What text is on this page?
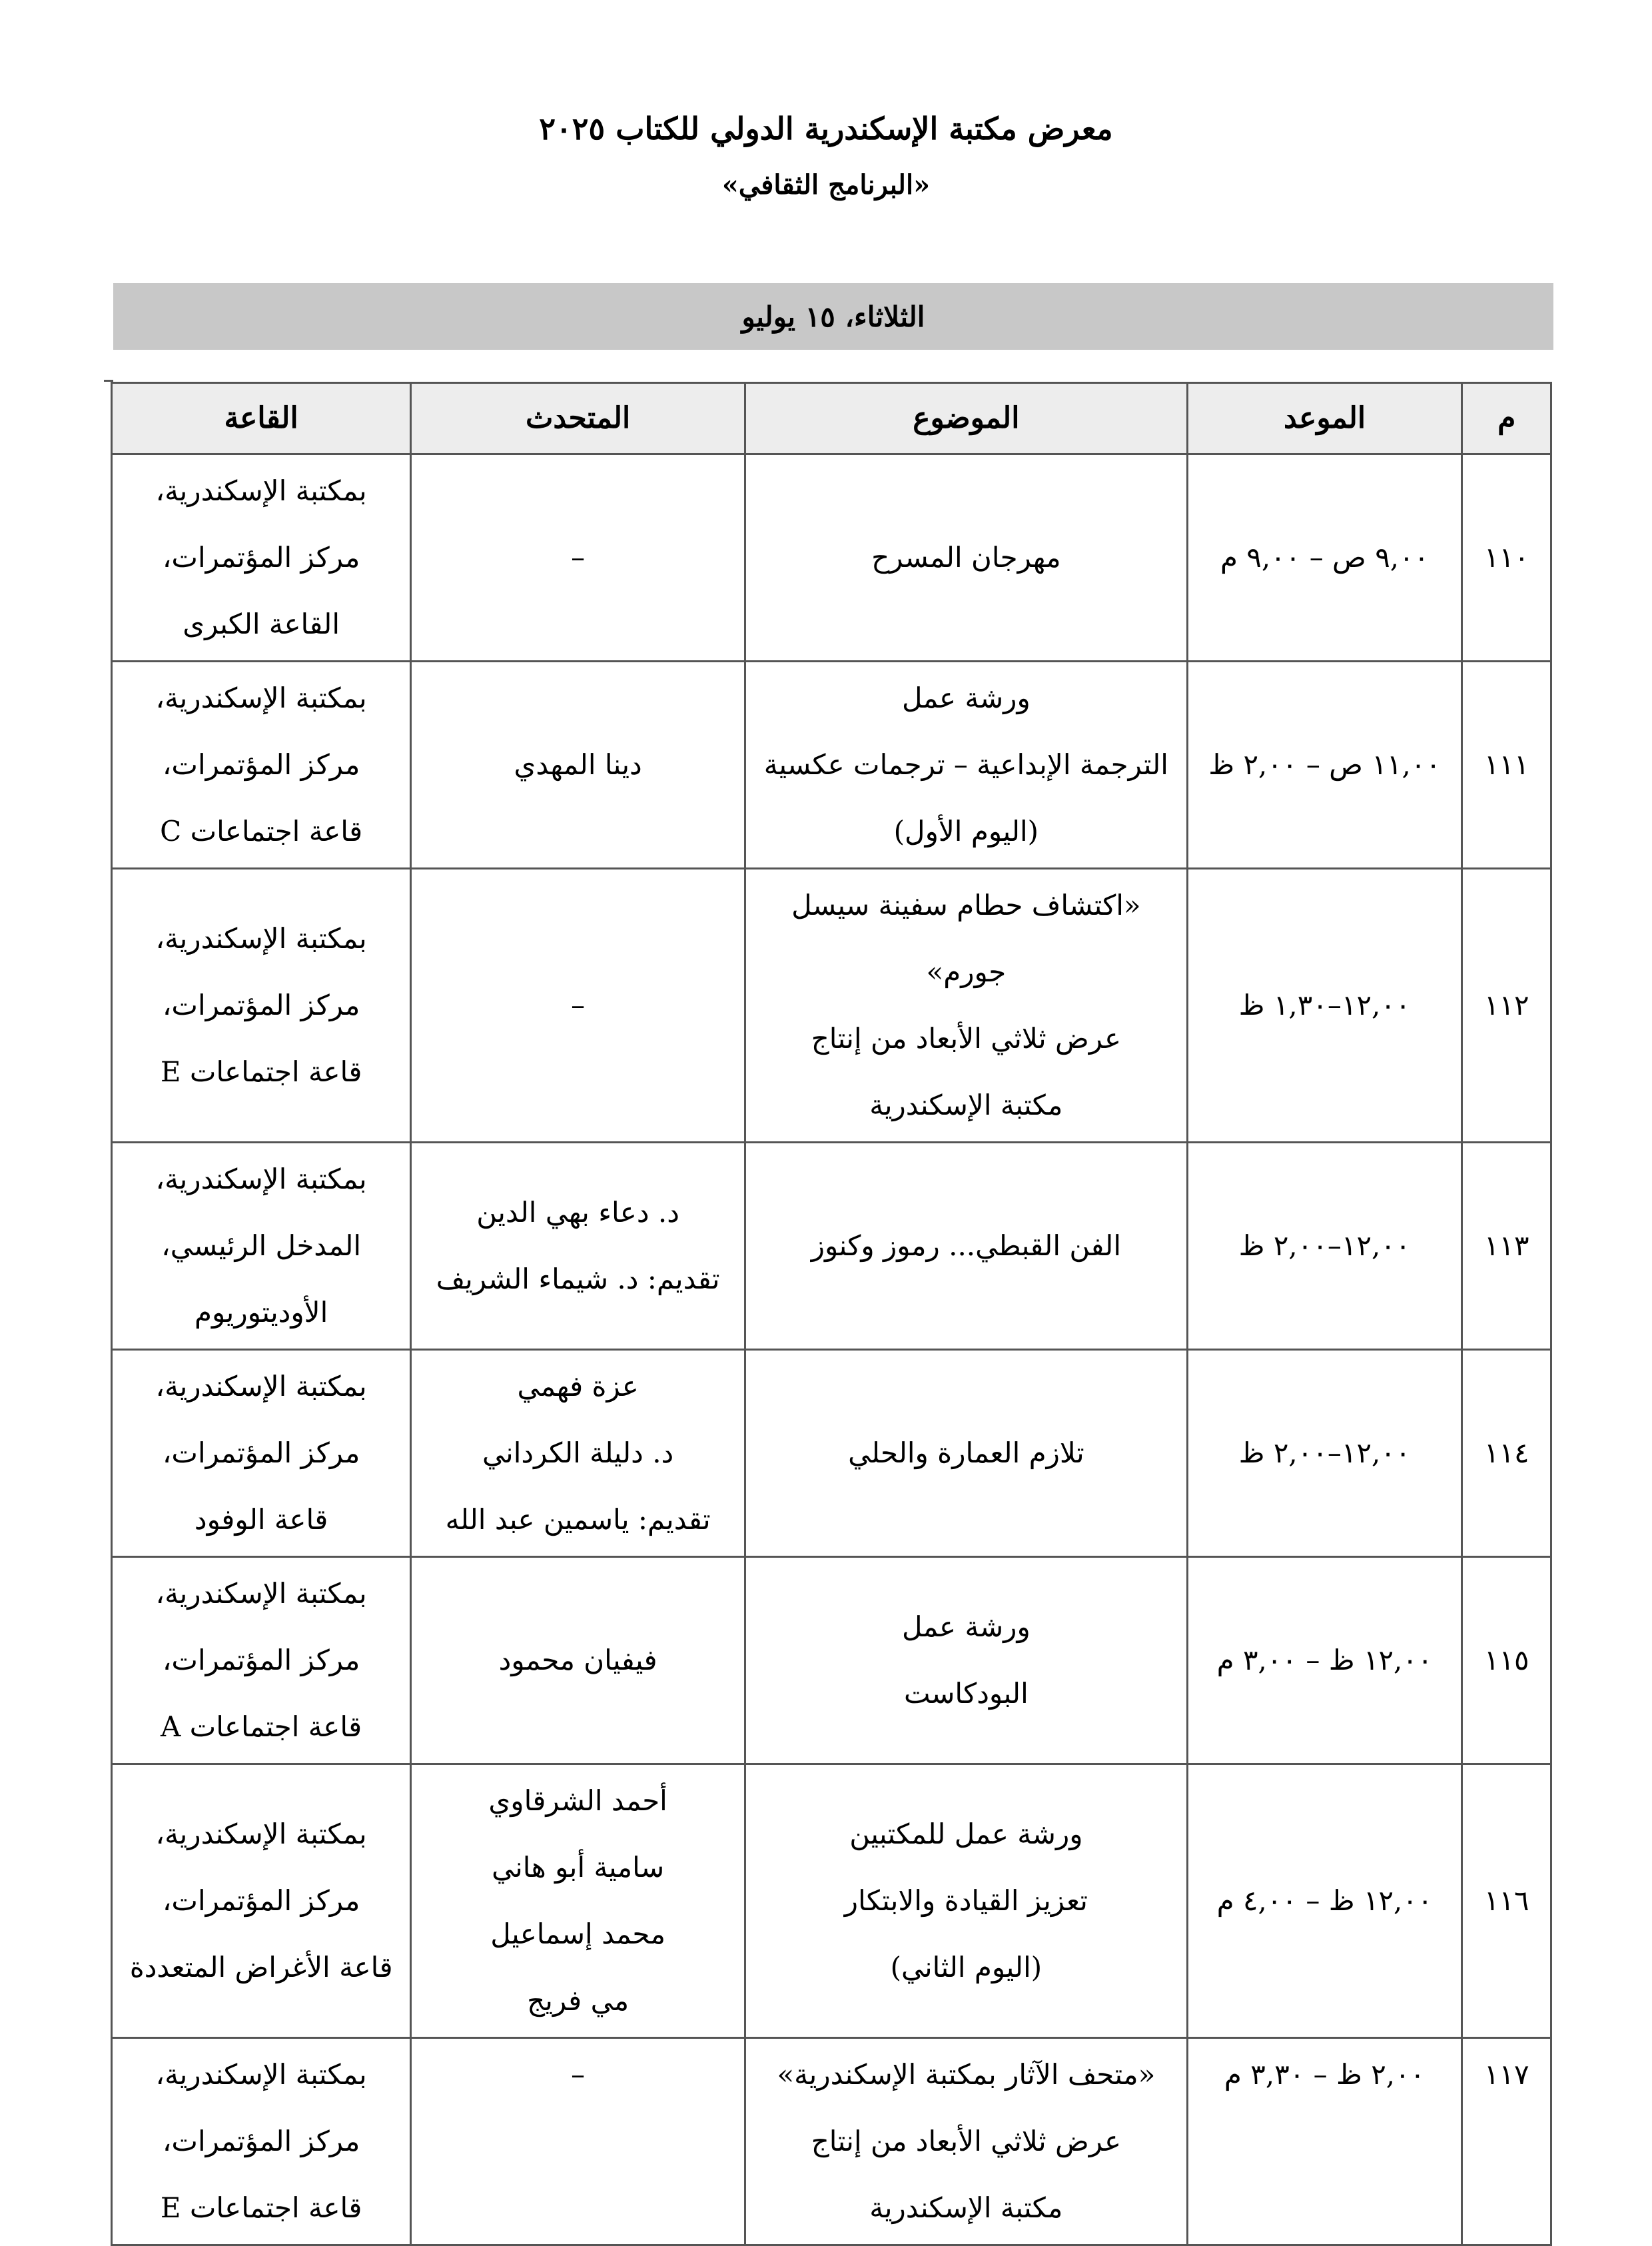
معرض مكتبة الإسكندرية الدولي للكتاب ٢٠٢٥

«البرنامج الثقافي»

الثلاثاء، ١٥ يوليو
م	الموعد	الموضوع	المتحدث	القاعة
١١٠	٩,٠٠ ص – ٩,٠٠ م	مهرجان المسرح	–	بمكتبة الإسكندرية،
مركز المؤتمرات،
القاعة الكبرى

١١١	١١,٠٠ ص – ٢,٠٠ ظ	ورشة عمل
الترجمة الإبداعية – ترجمات عكسية
(اليوم الأول)	دينا المهدي	بمكتبة الإسكندرية،
مركز المؤتمرات،
قاعة اجتماعات C

١١٢	١٢,٠٠–١,٣٠ ظ	«اكتشاف حطام سفينة سيسل جورم»
عرض ثلاثي الأبعاد من إنتاج
مكتبة الإسكندرية	–	بمكتبة الإسكندرية،
مركز المؤتمرات،
قاعة اجتماعات E

١١٣	١٢,٠٠–٢,٠٠ ظ	الفن القبطي... رموز وكنوز	د. دعاء بهي الدين
تقديم: د. شيماء الشريف	بمكتبة الإسكندرية،
المدخل الرئيسي،
الأوديتوريوم

١١٤	١٢,٠٠–٢,٠٠ ظ	تلازم العمارة والحلي	عزة فهمي
د. دليلة الكرداني
تقديم: ياسمين عبد الله	بمكتبة الإسكندرية،
مركز المؤتمرات،
قاعة الوفود

١١٥	١٢,٠٠ ظ – ٣,٠٠ م	ورشة عمل
البودكاست	فيفيان محمود	بمكتبة الإسكندرية،
مركز المؤتمرات،
قاعة اجتماعات A

١١٦	١٢,٠٠ ظ – ٤,٠٠ م	ورشة عمل للمكتبين
تعزيز القيادة والابتكار
(اليوم الثاني)	أحمد الشرقاوي
سامية أبو هاني
محمد إسماعيل
مي فريج	بمكتبة الإسكندرية،
مركز المؤتمرات،
قاعة الأغراض المتعددة

١١٧	٢,٠٠ ظ – ٣,٣٠ م	«متحف الآثار بمكتبة الإسكندرية»
عرض ثلاثي الأبعاد من إنتاج
مكتبة الإسكندرية	–	بمكتبة الإسكندرية،
مركز المؤتمرات،
قاعة اجتماعات E
